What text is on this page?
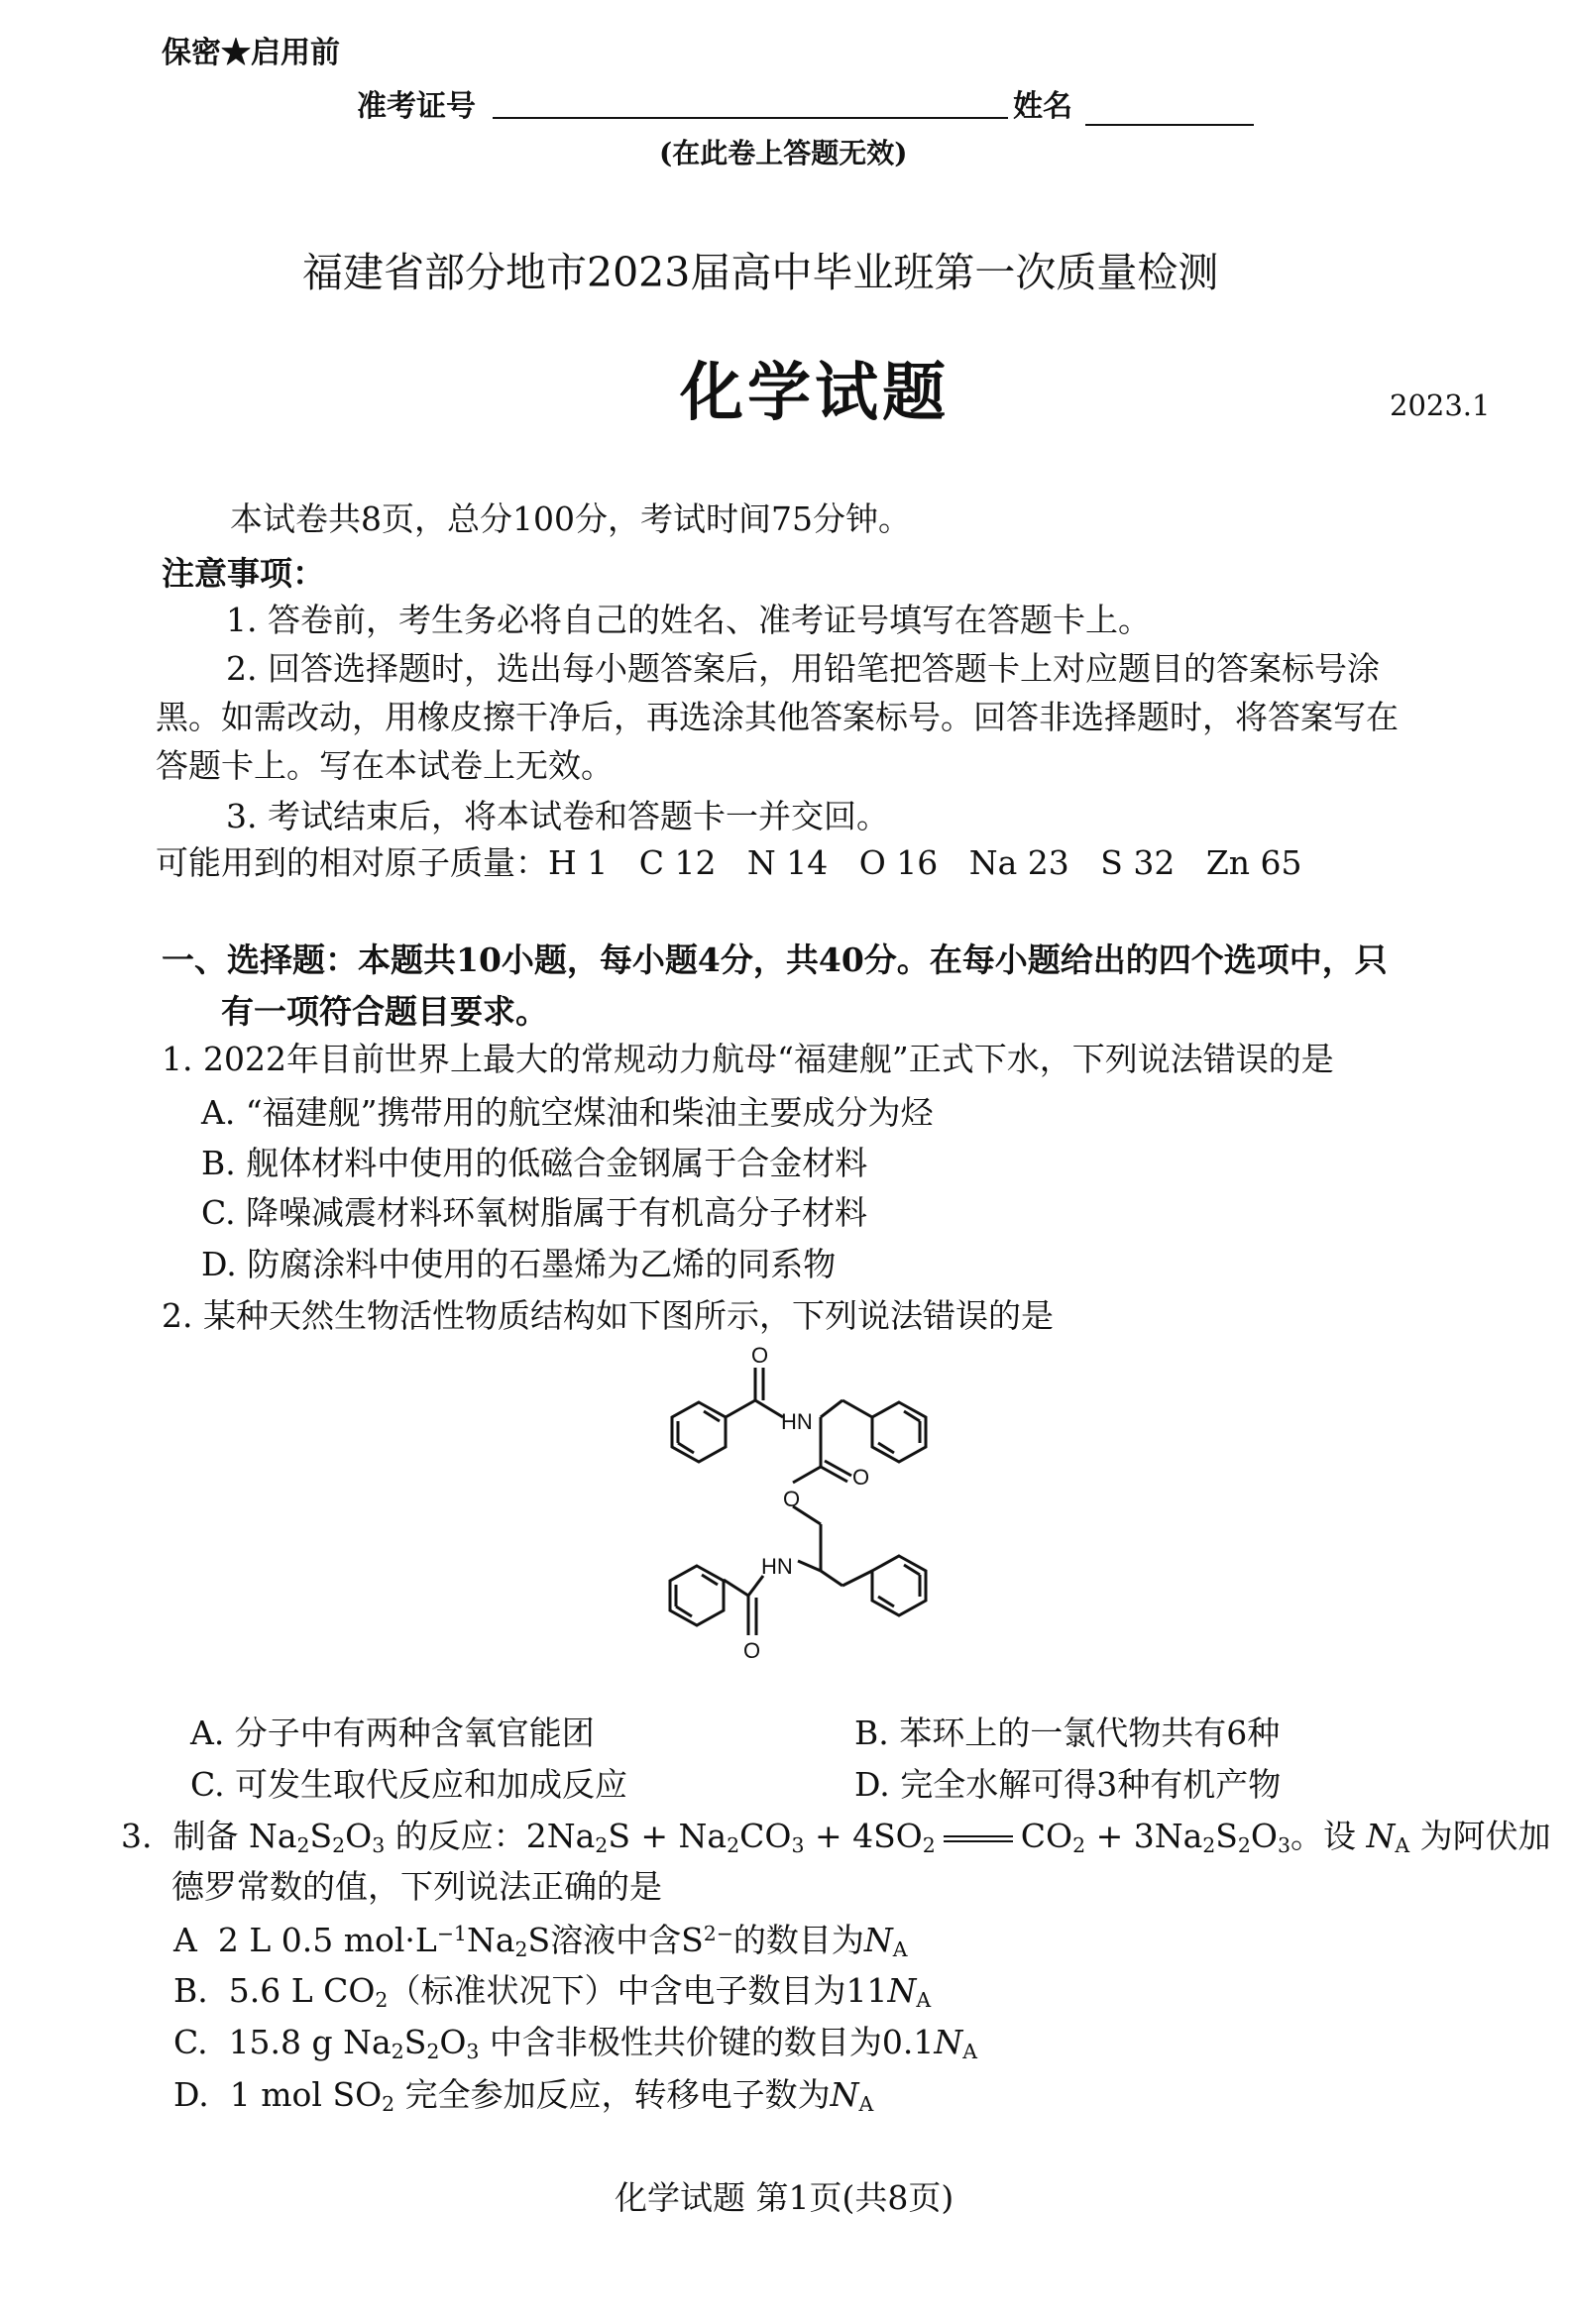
保密★启用前
准考证号	姓名
(在此卷上答题无效)
福建省部分地市2023届高中毕业班第一次质量检测
化学试题	2023.1
本试卷共8页，总分100分，考试时间75分钟。
注意事项：
1. 答卷前，考生务必将自己的姓名、准考证号填写在答题卡上。
2. 回答选择题时，选出每小题答案后，用铅笔把答题卡上对应题目的答案标号涂
黑。如需改动，用橡皮擦干净后，再选涂其他答案标号。回答非选择题时，将答案写在
答题卡上。写在本试卷上无效。
3. 考试结束后，将本试卷和答题卡一并交回。
可能用到的相对原子质量：H 1   C 12   N 14   O 16   Na 23   S 32   Zn 65
一、选择题：本题共10小题，每小题4分，共40分。在每小题给出的四个选项中，只
有一项符合题目要求。
1. 2022年目前世界上最大的常规动力航母“福建舰”正式下水，下列说法错误的是
A. “福建舰”携带用的航空煤油和柴油主要成分为烃
B. 舰体材料中使用的低磁合金钢属于合金材料
C. 降噪减震材料环氧树脂属于有机高分子材料
D. 防腐涂料中使用的石墨烯为乙烯的同系物
2. 某种天然生物活性物质结构如下图所示，下列说法错误的是
O
HN
O
O
HN
O
A. 分子中有两种含氧官能团	B. 苯环上的一氯代物共有6种
C. 可发生取代反应和加成反应	D. 完全水解可得3种有机产物
3. 制备 $Na_2S_2O_3$ 的反应：$2Na_2S + Na_2CO_3 + 4SO_2$	$CO_2 + 3Na_2S_2O_3$。设 $N_A$ 为阿伏加
德罗常数的值，下列说法正确的是
A 2 L 0.5 $mol\cdot L^{-1}Na_2S$溶液中含$S^{2-}$的数目为$N_A$
B. 5.6 L $CO_2$（标准状况下）中含电子数目为$11N_A$
C. 15.8 g $Na_2S_2O_3$ 中含非极性共价键的数目为$0.1N_A$
D. 1 mol $SO_2$ 完全参加反应，转移电子数为$N_A$
化学试题 第1页(共8页)
